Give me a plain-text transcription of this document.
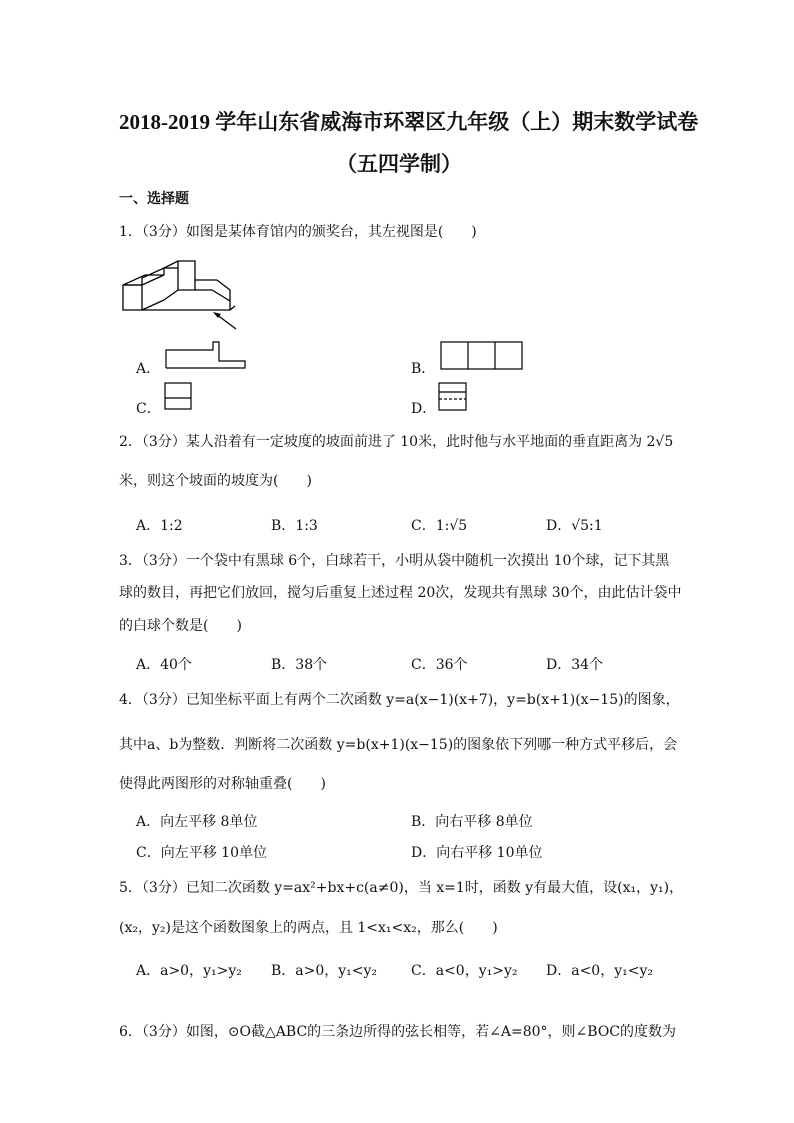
2018-2019 学年山东省威海市环翠区九年级（上）期末数学试卷
（五四学制）
一、选择题
1．（3分）如图是某体育馆内的颁奖台，其左视图是(　　)
A．	B．
C．	D．
2．（3分）某人沿着有一定坡度的坡面前进了 10米，此时他与水平地面的垂直距离为 2√5
米，则这个坡面的坡度为(　　)
A．1:2	B．1:3	C．1:√5	D．√5:1
3．（3分）一个袋中有黑球 6个，白球若干，小明从袋中随机一次摸出 10个球，记下其黑
球的数目，再把它们放回，搅匀后重复上述过程 20次，发现共有黑球 30个，由此估计袋中
的白球个数是(　　)
A．40个	B．38个	C．36个	D．34个
4．（3分）已知坐标平面上有两个二次函数 y=a(x−1)(x+7)，y=b(x+1)(x−15)的图象，
其中a、b为整数．判断将二次函数 y=b(x+1)(x−15)的图象依下列哪一种方式平移后，会
使得此两图形的对称轴重叠(　　)
A．向左平移 8单位	B．向右平移 8单位
C．向左平移 10单位	D．向右平移 10单位
5．（3分）已知二次函数 y=ax²+bx+c(a≠0)，当 x=1时，函数 y有最大值，设(x₁，y₁)，
(x₂，y₂)是这个函数图象上的两点，且 1<x₁<x₂，那么(　　)
A．a>0，y₁>y₂ B．a>0，y₁<y₂ C．a<0，y₁>y₂ D．a<0，y₁<y₂
6．（3分）如图，⊙O截△ABC的三条边所得的弦长相等，若∠A=80°，则∠BOC的度数为
